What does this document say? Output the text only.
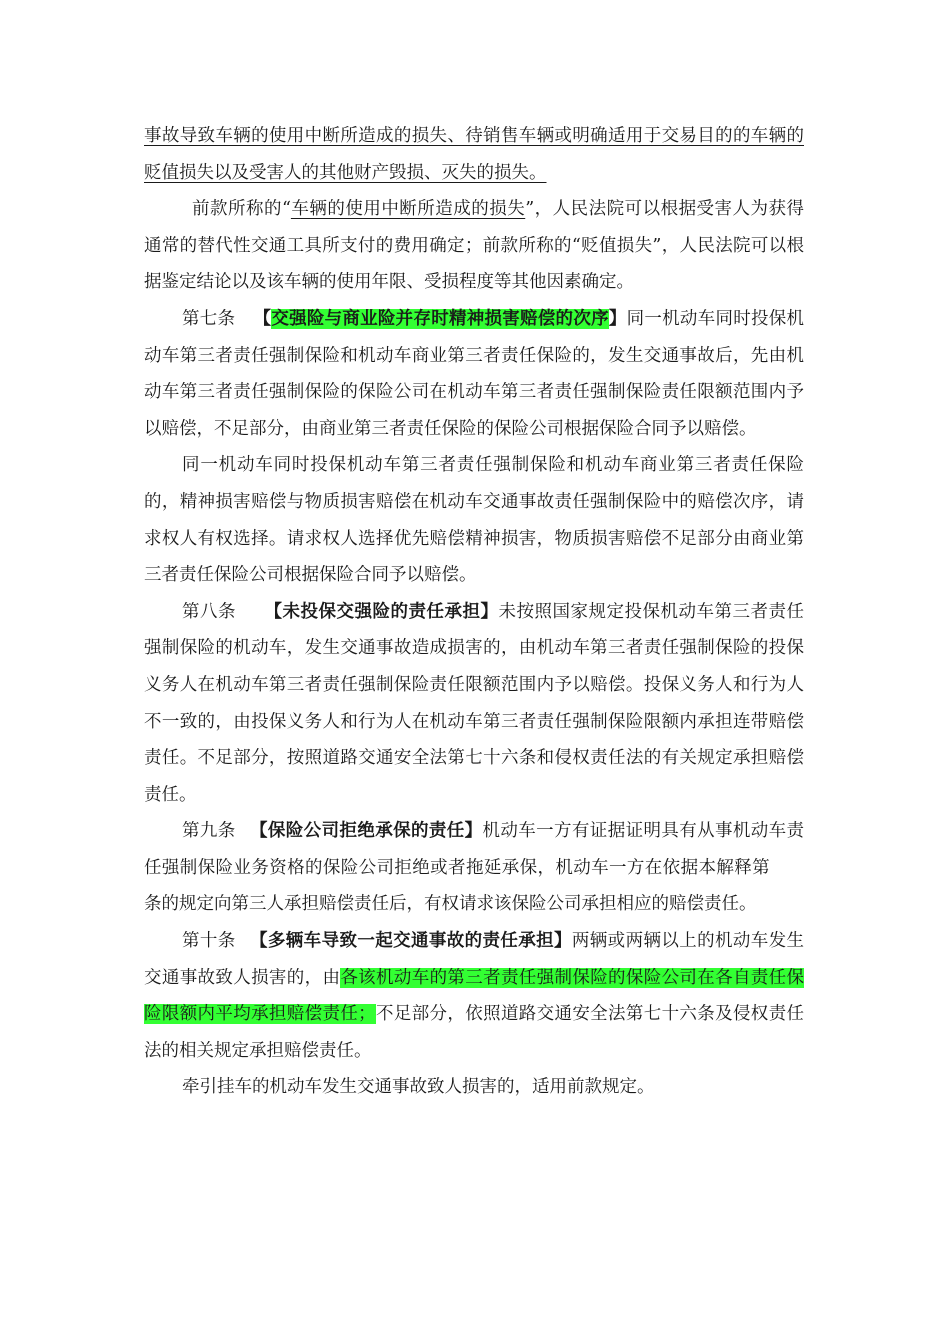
事故导致车辆的使用中断所造成的损失、待销售车辆或明确适用于交易目的的车辆的贬值损失以及受害人的其他财产毁损、灭失的损失。

前款所称的“车辆的使用中断所造成的损失”，人民法院可以根据受害人为获得通常的替代性交通工具所支付的费用确定；前款所称的“贬值损失”，人民法院可以根据鉴定结论以及该车辆的使用年限、受损程度等其他因素确定。

第七条 【交强险与商业险并存时精神损害赔偿的次序】同一机动车同时投保机动车第三者责任强制保险和机动车商业第三者责任保险的，发生交通事故后，先由机动车第三者责任强制保险的保险公司在机动车第三者责任强制保险责任限额范围内予以赔偿，不足部分，由商业第三者责任保险的保险公司根据保险合同予以赔偿。

同一机动车同时投保机动车第三者责任强制保险和机动车商业第三者责任保险的，精神损害赔偿与物质损害赔偿在机动车交通事故责任强制保险中的赔偿次序，请求权人有权选择。请求权人选择优先赔偿精神损害，物质损害赔偿不足部分由商业第三者责任保险公司根据保险合同予以赔偿。

第八条 【未投保交强险的责任承担】未按照国家规定投保机动车第三者责任强制保险的机动车，发生交通事故造成损害的，由机动车第三者责任强制保险的投保义务人在机动车第三者责任强制保险责任限额范围内予以赔偿。投保义务人和行为人不一致的，由投保义务人和行为人在机动车第三者责任强制保险限额内承担连带赔偿责任。不足部分，按照道路交通安全法第七十六条和侵权责任法的有关规定承担赔偿责任。

第九条 【保险公司拒绝承保的责任】机动车一方有证据证明具有从事机动车责任强制保险业务资格的保险公司拒绝或者拖延承保，机动车一方在依据本解释第条的规定向第三人承担赔偿责任后，有权请求该保险公司承担相应的赔偿责任。

第十条 【多辆车导致一起交通事故的责任承担】两辆或两辆以上的机动车发生交通事故致人损害的，由各该机动车的第三者责任强制保险的保险公司在各自责任保险限额内平均承担赔偿责任；不足部分，依照道路交通安全法第七十六条及侵权责任法的相关规定承担赔偿责任。

牵引挂车的机动车发生交通事故致人损害的，适用前款规定。
